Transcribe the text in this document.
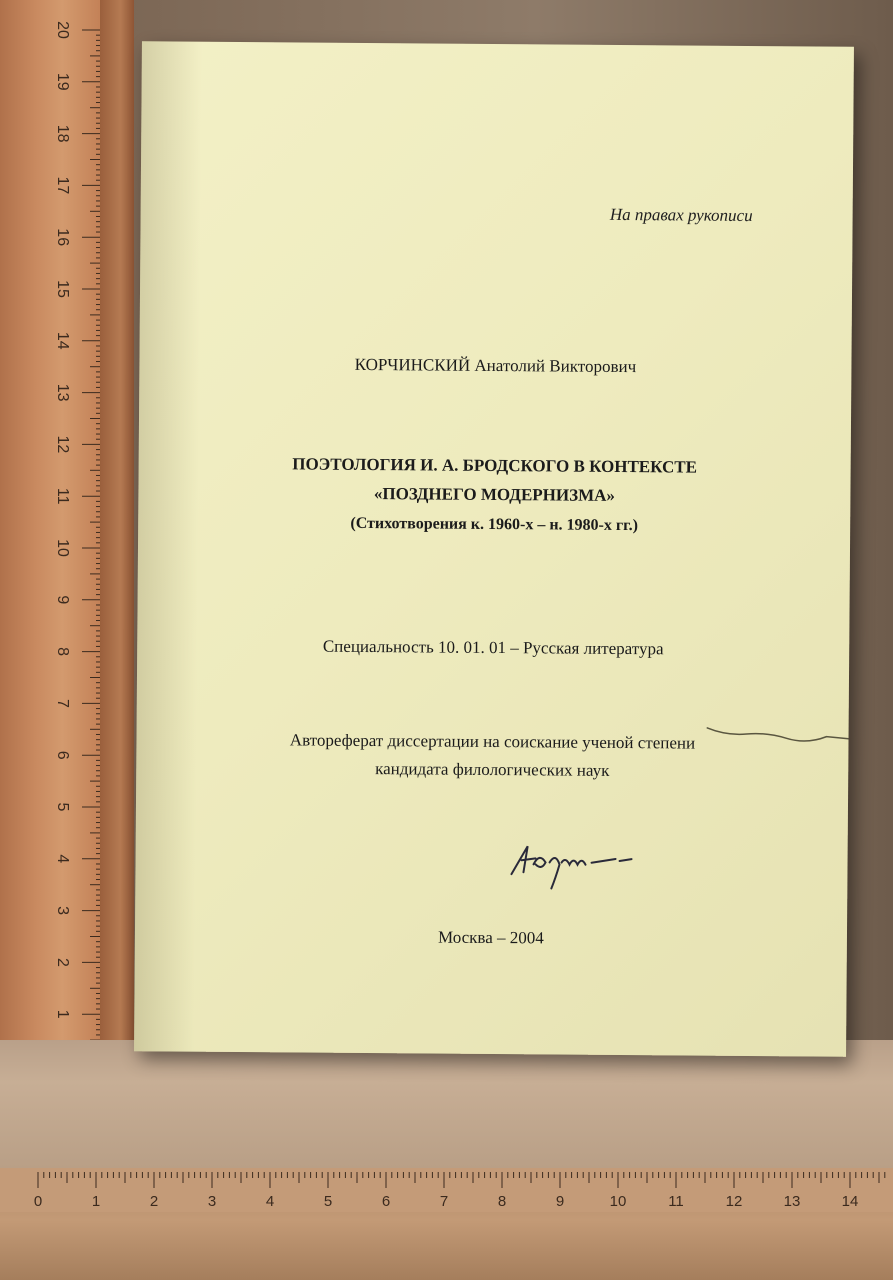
20
19
18
17
16
15
14
13
12
11
10
9
8
7
6
5
4
3
2
1
0	1	2	3	4	5	6	7	8	9	10	11	12	13	14
На правах рукописи
КОРЧИНСКИЙ Анатолий Викторович
ПОЭТОЛОГИЯ И. А. БРОДСКОГО В КОНТЕКСТЕ
«ПОЗДНЕГО МОДЕРНИЗМА»
(Стихотворения к. 1960-х – н. 1980-х гг.)
Специальность 10. 01. 01 – Русская литература
Автореферат диссертации на соискание ученой степени
кандидата филологических наук
Москва – 2004
